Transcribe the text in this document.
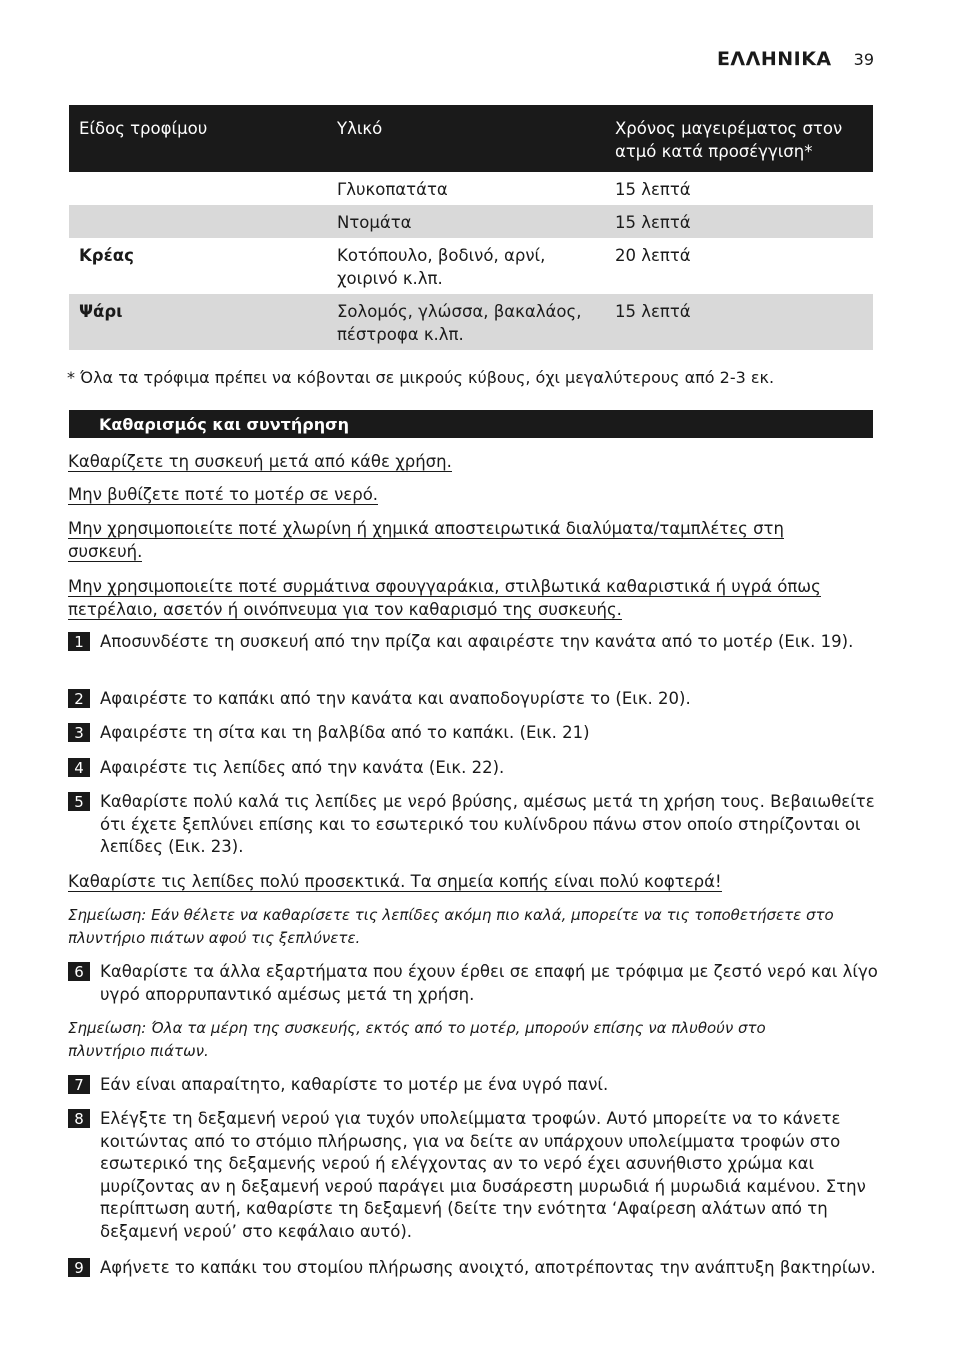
ΕΛΛΗΝΙΚΑ 39
Είδος τροφίμου	Υλικό	Χρόνος μαγειρέματος στον ατμό κατά προσέγγιση*
	Γλυκοπατάτα	15 λεπτά
	Ντομάτα	15 λεπτά
Κρέας	Κοτόπουλο, βοδινό, αρνί, χοιρινό κ.λπ.	20 λεπτά
Ψάρι	Σολομός, γλώσσα, βακαλάος, πέστροφα κ.λπ.	15 λεπτά
* Όλα τα τρόφιμα πρέπει να κόβονται σε μικρούς κύβους, όχι μεγαλύτερους από 2-3 εκ.
Καθαρισμός και συντήρηση
Καθαρίζετε τη συσκευή μετά από κάθε χρήση.
Μην βυθίζετε ποτέ το μοτέρ σε νερό.
Μην χρησιμοποιείτε ποτέ χλωρίνη ή χημικά αποστειρωτικά διαλύματα/ταμπλέτες στη συσκευή.
Μην χρησιμοποιείτε ποτέ συρμάτινα σφουγγαράκια, στιλβωτικά καθαριστικά ή υγρά όπως πετρέλαιο, ασετόν ή οινόπνευμα για τον καθαρισμό της συσκευής.
1 Αποσυνδέστε τη συσκευή από την πρίζα και αφαιρέστε την κανάτα από το μοτέρ (Εικ. 19).
2 Αφαιρέστε το καπάκι από την κανάτα και αναποδογυρίστε το (Εικ. 20).
3 Αφαιρέστε τη σίτα και τη βαλβίδα από το καπάκι. (Εικ. 21)
4 Αφαιρέστε τις λεπίδες από την κανάτα (Εικ. 22).
5 Καθαρίστε πολύ καλά τις λεπίδες με νερό βρύσης, αμέσως μετά τη χρήση τους. Βεβαιωθείτε ότι έχετε ξεπλύνει επίσης και το εσωτερικό του κυλίνδρου πάνω στον οποίο στηρίζονται οι λεπίδες (Εικ. 23).
Καθαρίστε τις λεπίδες πολύ προσεκτικά. Τα σημεία κοπής είναι πολύ κοφτερά!
Σημείωση: Εάν θέλετε να καθαρίσετε τις λεπίδες ακόμη πιο καλά, μπορείτε να τις τοποθετήσετε στο πλυντήριο πιάτων αφού τις ξεπλύνετε.
6 Καθαρίστε τα άλλα εξαρτήματα που έχουν έρθει σε επαφή με τρόφιμα με ζεστό νερό και λίγο υγρό απορρυπαντικό αμέσως μετά τη χρήση.
Σημείωση: Όλα τα μέρη της συσκευής, εκτός από το μοτέρ, μπορούν επίσης να πλυθούν στο πλυντήριο πιάτων.
7 Εάν είναι απαραίτητο, καθαρίστε το μοτέρ με ένα υγρό πανί.
8 Ελέγξτε τη δεξαμενή νερού για τυχόν υπολείμματα τροφών. Αυτό μπορείτε να το κάνετε κοιτώντας από το στόμιο πλήρωσης, για να δείτε αν υπάρχουν υπολείμματα τροφών στο εσωτερικό της δεξαμενής νερού ή ελέγχοντας αν το νερό έχει ασυνήθιστο χρώμα και μυρίζοντας αν η δεξαμενή νερού παράγει μια δυσάρεστη μυρωδιά ή μυρωδιά καμένου. Στην περίπτωση αυτή, καθαρίστε τη δεξαμενή (δείτε την ενότητα ‘Αφαίρεση αλάτων από τη δεξαμενή νερού’ στο κεφάλαιο αυτό).
9 Αφήνετε το καπάκι του στομίου πλήρωσης ανοιχτό, αποτρέποντας την ανάπτυξη βακτηρίων.
